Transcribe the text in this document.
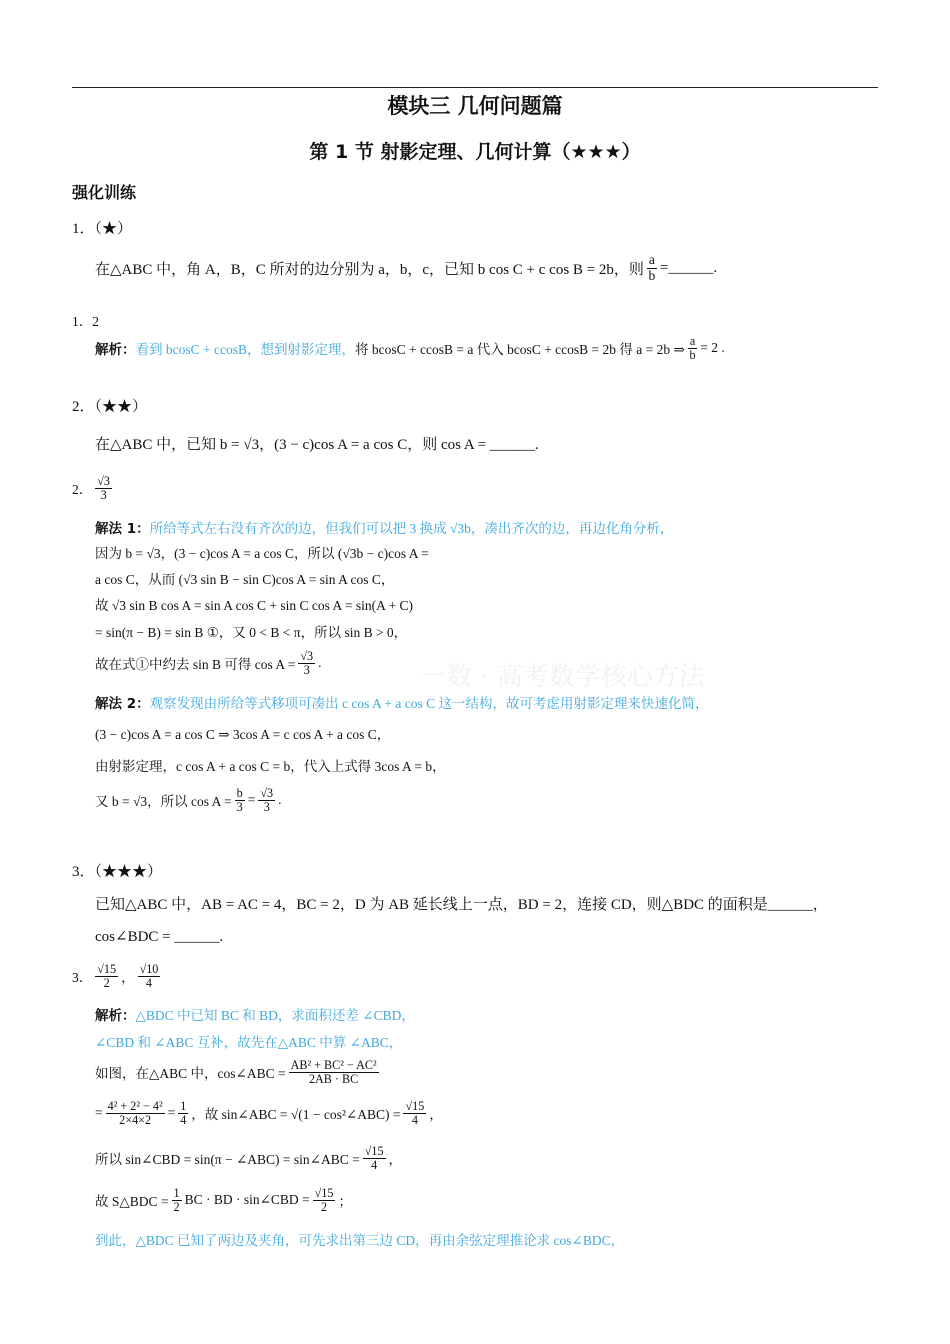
模块三 几何问题篇
第 1 节 射影定理、几何计算（★★★）
强化训练
一数 · 高考数学核心方法
1．（★）
在△ABC 中，角 A，B，C 所对的边分别为 a，b，c，已知 b cos C + c cos B = 2b，则 $\frac{a}{b}$ =______.
1．2
解析： 看到 bcosC + ccosB，想到射影定理， 将 bcosC + ccosB = a 代入 bcosC + ccosB = 2b 得 a = 2b ⇒ $\frac{a}{b} = 2$ .
2．（★★）
在△ABC 中，已知 b = √3，(3 − c)cos A = a cos C，则 cos A = ______.
2． $\frac{√3}{3}$
解法 1： 所给等式左右没有齐次的边，但我们可以把 3 换成 √3b，凑出齐次的边，再边化角分析，
因为 b = √3，(3 − c)cos A = a cos C，所以 (√3b − c)cos A =
a cos C，从而 (√3 sin B − sin C)cos A = sin A cos C，
故 √3 sin B cos A = sin A cos C + sin C cos A = sin(A + C)
= sin(π − B) = sin B ①，又 0 < B < π，所以 sin B > 0，
故在式①中约去 sin B 可得 $\cos A = \frac{√3}{3}$ .
解法 2： 观察发现由所给等式移项可凑出 c cos A + a cos C 这一结构，故可考虑用射影定理来快速化简，
(3 − c)cos A = a cos C ⇒ 3cos A = c cos A + a cos C，
由射影定理，c cos A + a cos C = b，代入上式得 3cos A = b，
又 b = √3，所以 $\cos A = \frac{b}{3} = \frac{√3}{3}$ .
3．（★★★）
已知△ABC 中，AB = AC = 4，BC = 2，D 为 AB 延长线上一点，BD = 2，连接 CD，则△BDC 的面积是______，
cos∠BDC = ______.
3． $\frac{√15}{2}$ ， $\frac{√10}{4}$
解析： △BDC 中已知 BC 和 BD，求面积还差 ∠CBD，
∠CBD 和 ∠ABC 互补，故先在△ABC 中算 ∠ABC，
如图，在△ABC 中，cos∠ABC = $\frac{\text{AB² + BC² − AC²}}{2AB \cdot BC}$
= $\frac{\text{4² + 2² − 4²}}{2\times 4\times 2} = \frac{1}{4}$ ，故 sin∠ABC = √(1 − cos²∠ABC) = $\frac{√15}{4}$ ，
所以 sin∠CBD = sin(π − ∠ABC) = sin∠ABC = $\frac{√15}{4}$ ，
故 S△BDC = $\frac{1}{2}$ BC · BD · sin∠CBD = $\frac{√15}{2}$ ；
到此，△BDC 已知了两边及夹角，可先求出第三边 CD，再由余弦定理推论求 cos∠BDC，
